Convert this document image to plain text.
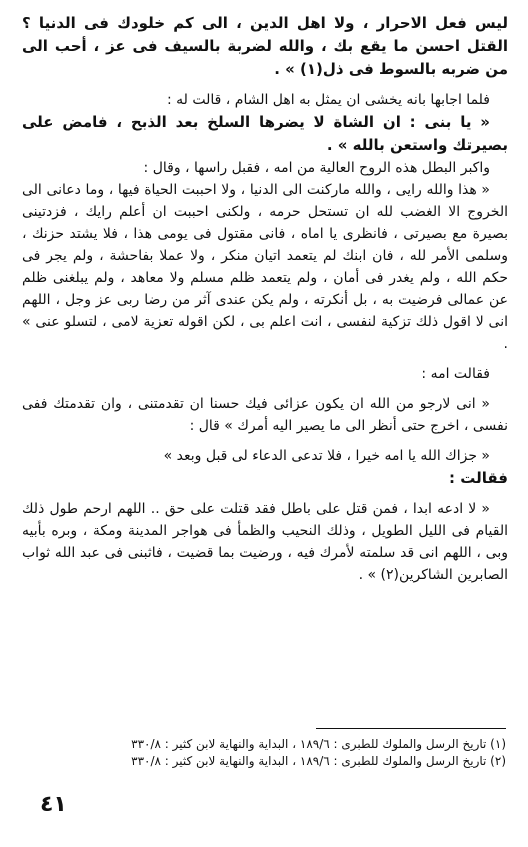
ليس فعل الاحرار ، ولا اهل الدين ، الى كم خلودك فى الدنيا ؟ القتل احسن ما يقع بك ، والله لضربة بالسيف فى عز ، أحب الى من ضربه بالسوط فى ذل(١) » .

فلما اجابها بانه يخشى ان يمثل به اهل الشام ، قالت له :

« يا بنى : ان الشاة لا يضرها السلخ بعد الذبح ، فامض على بصيرتك واستعن بالله » .

واكبر البطل هذه الروح العالية من امه ، فقبل راسها ، وقال :

« هذا والله رايى ، والله ماركنت الى الدنيا ، ولا احببت الحياة فيها ، وما دعانى الى الخروج الا الغضب لله ان تستحل حرمه ، ولكنى احببت ان أعلم رايك ، فزدتينى بصيرة مع بصيرتى ، فانظرى يا اماه ، فانى مقتول فى يومى هذا ، فلا يشتد حزنك ، وسلمى الأمر لله ، فان ابنك لم يتعمد اتيان منكر ، ولا عملا بفاحشة ، ولم يجر فى حكم الله ، ولم يغدر فى أمان ، ولم يتعمد ظلم مسلم ولا معاهد ، ولم يبلغنى ظلم عن عمالى فرضيت به ، بل أنكرته ، ولم يكن عندى آثر من رضا ربى عز وجل ، اللهم انى لا اقول ذلك تزكية لنفسى ، انت اعلم بى ، لكن اقوله تعزية لامى ، لتسلو عنى » .

فقالت امه :

« انى لارجو من الله ان يكون عزائى فيك حسنا ان تقدمتنى ، وان تقدمتك ففى نفسى ، اخرج حتى أنظر الى ما يصير اليه أمرك » قال :

« جزاك الله يا امه خيرا ، فلا تدعى الدعاء لى قبل وبعد »

فقالت :

« لا ادعه ابدا ، فمن قتل على باطل فقد قتلت على حق .. اللهم ارحم طول ذلك القيام فى الليل الطويل ، وذلك النحيب والظمأ فى هواجر المدينة ومكة ، وبره بأبيه وبى ، اللهم انى قد سلمته لأمرك فيه ، ورضيت بما قضيت ، فاثبنى فى عبد الله ثواب الصابرين الشاكرين(٢) » .

(١) تاريخ الرسل والملوك للطبرى : ١٨٩/٦ ، البداية والنهاية لابن كثير : ٣٣٠/٨
(٢) تاريخ الرسل والملوك للطبرى : ١٨٩/٦ ، البداية والنهاية لابن كثير : ٣٣٠/٨
٤١
